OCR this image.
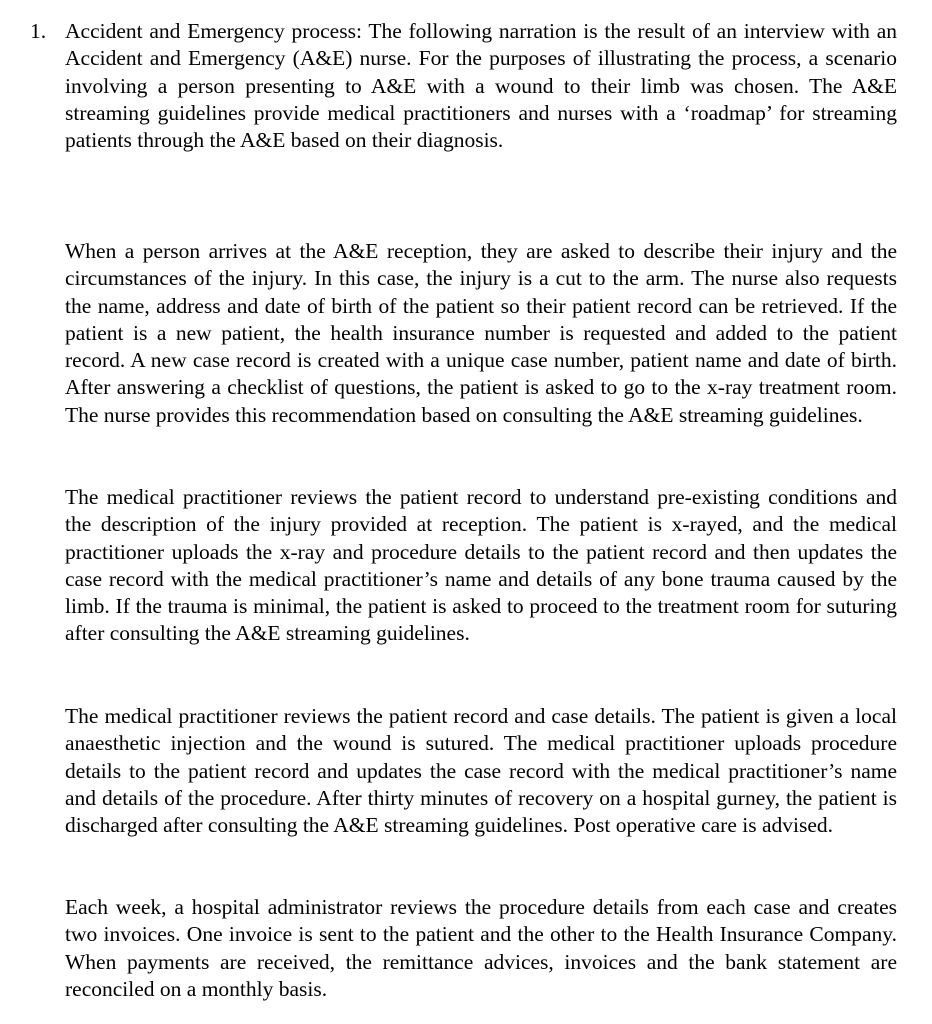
1. Accident and Emergency process: The following narration is the result of an interview with an Accident and Emergency (A&E) nurse. For the purposes of illustrating the process, a scenario involving a person presenting to A&E with a wound to their limb was chosen. The A&E streaming guidelines provide medical practitioners and nurses with a ‘roadmap’ for streaming patients through the A&E based on their diagnosis.

When a person arrives at the A&E reception, they are asked to describe their injury and the circumstances of the injury. In this case, the injury is a cut to the arm. The nurse also requests the name, address and date of birth of the patient so their patient record can be retrieved. If the patient is a new patient, the health insurance number is requested and added to the patient record. A new case record is created with a unique case number, patient name and date of birth. After answering a checklist of questions, the patient is asked to go to the x-ray treatment room. The nurse provides this recommendation based on consulting the A&E streaming guidelines.

The medical practitioner reviews the patient record to understand pre-existing conditions and the description of the injury provided at reception. The patient is x-rayed, and the medical practitioner uploads the x-ray and procedure details to the patient record and then updates the case record with the medical practitioner’s name and details of any bone trauma caused by the limb. If the trauma is minimal, the patient is asked to proceed to the treatment room for suturing after consulting the A&E streaming guidelines.

The medical practitioner reviews the patient record and case details. The patient is given a local anaesthetic injection and the wound is sutured. The medical practitioner uploads procedure details to the patient record and updates the case record with the medical practitioner’s name and details of the procedure. After thirty minutes of recovery on a hospital gurney, the patient is discharged after consulting the A&E streaming guidelines. Post operative care is advised.

Each week, a hospital administrator reviews the procedure details from each case and creates two invoices. One invoice is sent to the patient and the other to the Health Insurance Company. When payments are received, the remittance advices, invoices and the bank statement are reconciled on a monthly basis.
